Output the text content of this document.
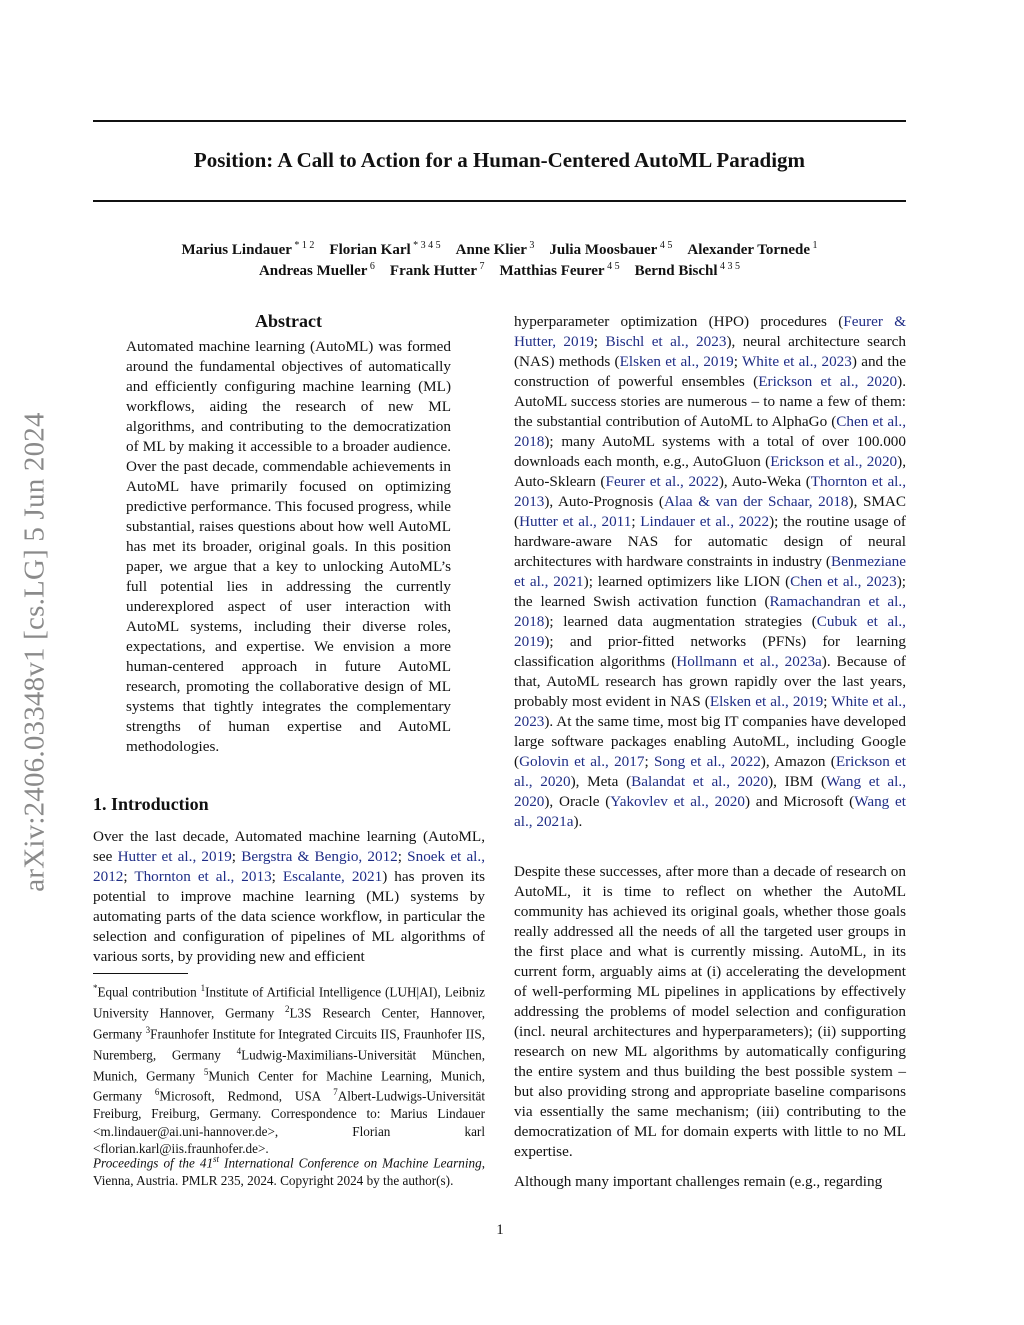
Position: A Call to Action for a Human-Centered AutoML Paradigm
Marius Lindauer $^{* 1 2}$  Florian Karl $^{* 3 4 5}$  Anne Klier $^3$  Julia Moosbauer $^{4 5}$  Alexander Tornede $^1$
Andreas Mueller $^6$  Frank Hutter $^7$  Matthias Feurer $^{4 5}$  Bernd Bischl $^{4 3 5}$
arXiv:2406.03348v1 [cs.LG] 5 Jun 2024
Abstract
Automated machine learning (AutoML) was formed around the fundamental objectives of automatically and efficiently configuring machine learning (ML) workflows, aiding the research of new ML algorithms, and contributing to the democratization of ML by making it accessible to a broader audience. Over the past decade, commendable achievements in AutoML have primarily focused on optimizing predictive performance. This focused progress, while substantial, raises questions about how well AutoML has met its broader, original goals. In this position paper, we argue that a key to unlocking AutoML’s full potential lies in addressing the currently underexplored aspect of user interaction with AutoML systems, including their diverse roles, expectations, and expertise. We envision a more human-centered approach in future AutoML research, promoting the collaborative design of ML systems that tightly integrates the complementary strengths of human expertise and AutoML methodologies.
1. Introduction
Over the last decade, Automated machine learning (AutoML, see Hutter et al., 2019; Bergstra & Bengio, 2012; Snoek et al., 2012; Thornton et al., 2013; Escalante, 2021) has proven its potential to improve machine learning (ML) systems by automating parts of the data science workflow, in particular the selection and configuration of pipelines of ML algorithms of various sorts, by providing new and efficient
*Equal contribution $^1$Institute of Artificial Intelligence (LUH|AI), Leibniz University Hannover, Germany $^2$L3S Research Center, Hannover, Germany $^3$Fraunhofer Institute for Integrated Circuits IIS, Fraunhofer IIS, Nuremberg, Germany $^4$Ludwig-Maximilians-Universität München, Munich, Germany $^5$Munich Center for Machine Learning, Munich, Germany $^6$Microsoft, Redmond, USA $^7$Albert-Ludwigs-Universität Freiburg, Freiburg, Germany. Correspondence to: Marius Lindauer <m.lindauer@ai.uni-hannover.de>, Florian karl <florian.karl@iis.fraunhofer.de>.
Proceedings of the 41st International Conference on Machine Learning, Vienna, Austria. PMLR 235, 2024. Copyright 2024 by the author(s).
hyperparameter optimization (HPO) procedures (Feurer & Hutter, 2019; Bischl et al., 2023), neural architecture search (NAS) methods (Elsken et al., 2019; White et al., 2023) and the construction of powerful ensembles (Erickson et al., 2020). AutoML success stories are numerous – to name a few of them: the substantial contribution of AutoML to AlphaGo (Chen et al., 2018); many AutoML systems with a total of over 100.000 downloads each month, e.g., AutoGluon (Erickson et al., 2020), Auto-Sklearn (Feurer et al., 2022), Auto-Weka (Thornton et al., 2013), Auto-Prognosis (Alaa & van der Schaar, 2018), SMAC (Hutter et al., 2011; Lindauer et al., 2022); the routine usage of hardware-aware NAS for automatic design of neural architectures with hardware constraints in industry (Benmeziane et al., 2021); learned optimizers like LION (Chen et al., 2023); the learned Swish activation function (Ramachandran et al., 2018); learned data augmentation strategies (Cubuk et al., 2019); and prior-fitted networks (PFNs) for learning classification algorithms (Hollmann et al., 2023a). Because of that, AutoML research has grown rapidly over the last years, probably most evident in NAS (Elsken et al., 2019; White et al., 2023). At the same time, most big IT companies have developed large software packages enabling AutoML, including Google (Golovin et al., 2017; Song et al., 2022), Amazon (Erickson et al., 2020), Meta (Balandat et al., 2020), IBM (Wang et al., 2020), Oracle (Yakovlev et al., 2020) and Microsoft (Wang et al., 2021a).
Despite these successes, after more than a decade of research on AutoML, it is time to reflect on whether the AutoML community has achieved its original goals, whether those goals really addressed all the needs of all the targeted user groups in the first place and what is currently missing. AutoML, in its current form, arguably aims at (i) accelerating the development of well-performing ML pipelines in applications by effectively addressing the problems of model selection and configuration (incl. neural architectures and hyperparameters); (ii) supporting research on new ML algorithms by automatically configuring the entire system and thus building the best possible system – but also providing strong and appropriate baseline comparisons via essentially the same mechanism; (iii) contributing to the democratization of ML for domain experts with little to no ML expertise.
Although many important challenges remain (e.g., regarding
1
